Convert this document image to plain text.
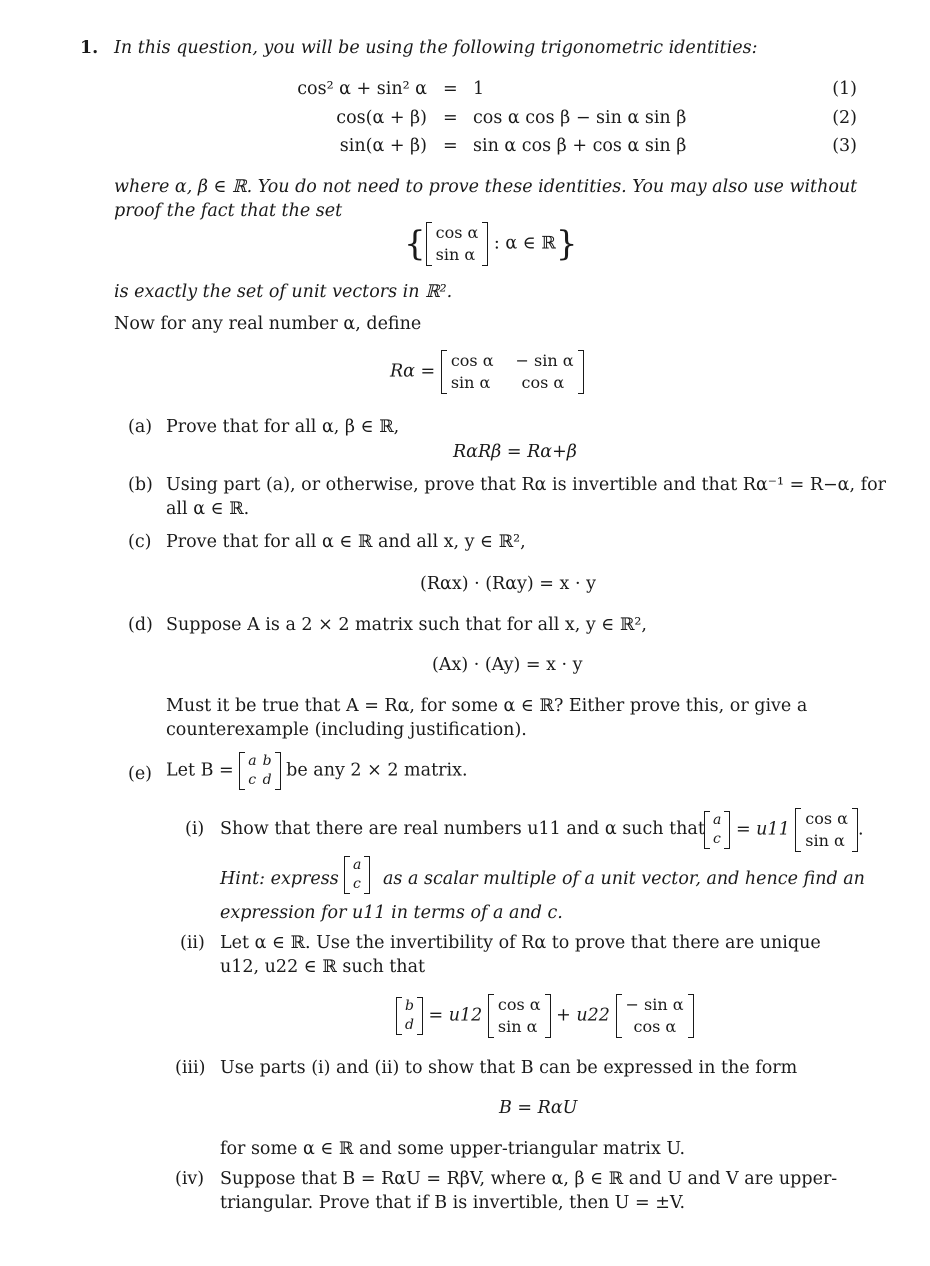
1. In this question, you will be using the following trigonometric identities:
cos² α + sin² α = 1	(1)
cos(α + β) = cos α cos β − sin α sin β	(2)
sin(α + β) = sin α cos β + cos α sin β	(3)
where α, β ∈ ℝ. You do not need to prove these identities. You may also use without
proof the fact that the set
{ cos α
sin α
: α ∈ ℝ}
is exactly the set of unit vectors in ℝ².
Now for any real number α, define
Rα =
cos α	− sin α
sin α	cos α
(a) Prove that for all α, β ∈ ℝ,
RαRβ = Rα+β
(b) Using part (a), or otherwise, prove that Rα is invertible and that Rα⁻¹ = R−α, for
all α ∈ ℝ.
(c) Prove that for all α ∈ ℝ and all x, y ∈ ℝ²,
(Rαx) · (Rαy) = x · y
(d) Suppose A is a 2 × 2 matrix such that for all x, y ∈ ℝ²,
(Ax) · (Ay) = x · y
Must it be true that A = Rα, for some α ∈ ℝ? Either prove this, or give a
counterexample (including justification).
(e) Let B = a	b
c	d be any 2 × 2 matrix.
(i) Show that there are real numbers u11 and α such that a
c = u11
cos α
sin α
.
Hint: express
a
c as a scalar multiple of a unit vector, and hence find an
expression for u11 in terms of a and c.
(ii) Let α ∈ ℝ. Use the invertibility of Rα to prove that there are unique
u12, u22 ∈ ℝ such that
b
d = u12
cos α
sin α
+ u22
− sin α
cos α
(iii) Use parts (i) and (ii) to show that B can be expressed in the form
B = RαU
for some α ∈ ℝ and some upper-triangular matrix U.
(iv) Suppose that B = RαU = RβV, where α, β ∈ ℝ and U and V are upper-
triangular. Prove that if B is invertible, then U = ±V.
